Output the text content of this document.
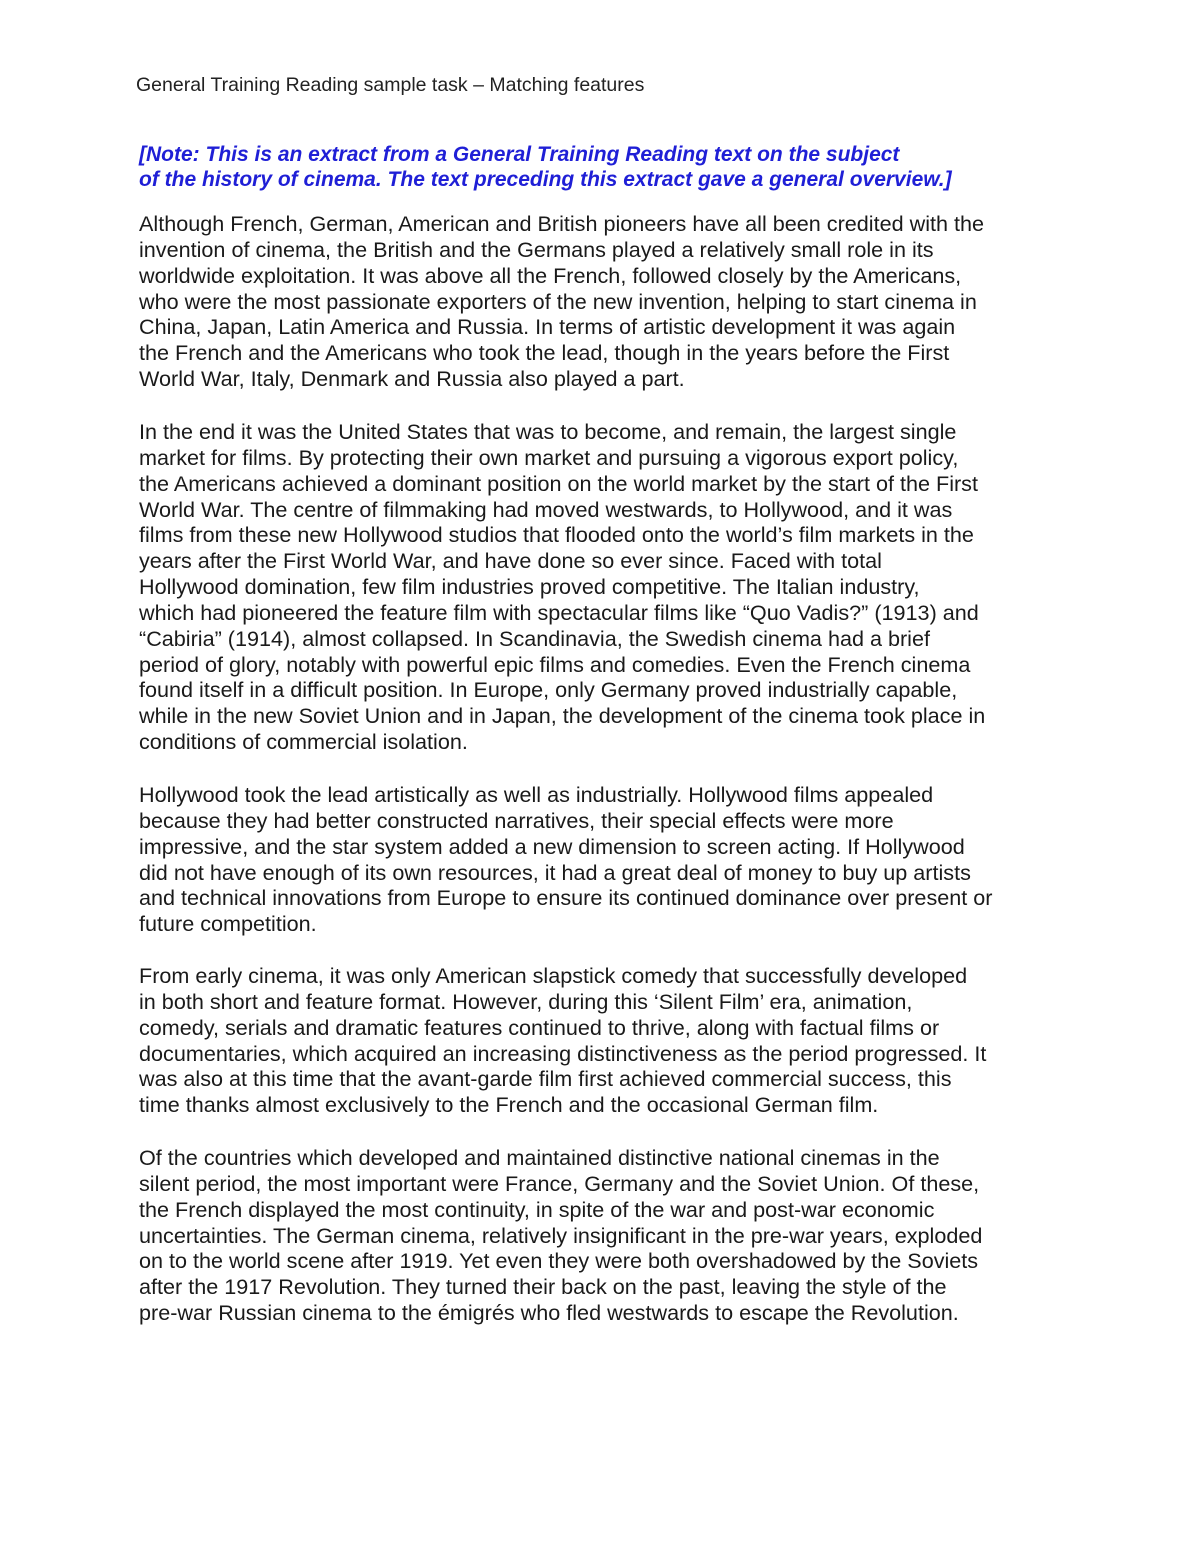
General Training Reading sample task – Matching features
[Note: This is an extract from a General Training Reading text on the subject
of the history of cinema. The text preceding this extract gave a general overview.]
Although French, German, American and British pioneers have all been credited with the
invention of cinema, the British and the Germans played a relatively small role in its
worldwide exploitation. It was above all the French, followed closely by the Americans,
who were the most passionate exporters of the new invention, helping to start cinema in
China, Japan, Latin America and Russia. In terms of artistic development it was again
the French and the Americans who took the lead, though in the years before the First
World War, Italy, Denmark and Russia also played a part.
In the end it was the United States that was to become, and remain, the largest single
market for films. By protecting their own market and pursuing a vigorous export policy,
the Americans achieved a dominant position on the world market by the start of the First
World War. The centre of filmmaking had moved westwards, to Hollywood, and it was
films from these new Hollywood studios that flooded onto the world’s film markets in the
years after the First World War, and have done so ever since. Faced with total
Hollywood domination, few film industries proved competitive. The Italian industry,
which had pioneered the feature film with spectacular films like “Quo Vadis?” (1913) and
“Cabiria” (1914), almost collapsed. In Scandinavia, the Swedish cinema had a brief
period of glory, notably with powerful epic films and comedies. Even the French cinema
found itself in a difficult position. In Europe, only Germany proved industrially capable,
while in the new Soviet Union and in Japan, the development of the cinema took place in
conditions of commercial isolation.
Hollywood took the lead artistically as well as industrially. Hollywood films appealed
because they had better constructed narratives, their special effects were more
impressive, and the star system added a new dimension to screen acting. If Hollywood
did not have enough of its own resources, it had a great deal of money to buy up artists
and technical innovations from Europe to ensure its continued dominance over present or
future competition.
From early cinema, it was only American slapstick comedy that successfully developed
in both short and feature format. However, during this ‘Silent Film’ era, animation,
comedy, serials and dramatic features continued to thrive, along with factual films or
documentaries, which acquired an increasing distinctiveness as the period progressed. It
was also at this time that the avant-garde film first achieved commercial success, this
time thanks almost exclusively to the French and the occasional German film.
Of the countries which developed and maintained distinctive national cinemas in the
silent period, the most important were France, Germany and the Soviet Union. Of these,
the French displayed the most continuity, in spite of the war and post-war economic
uncertainties. The German cinema, relatively insignificant in the pre-war years, exploded
on to the world scene after 1919. Yet even they were both overshadowed by the Soviets
after the 1917 Revolution. They turned their back on the past, leaving the style of the
pre-war Russian cinema to the émigrés who fled westwards to escape the Revolution.
